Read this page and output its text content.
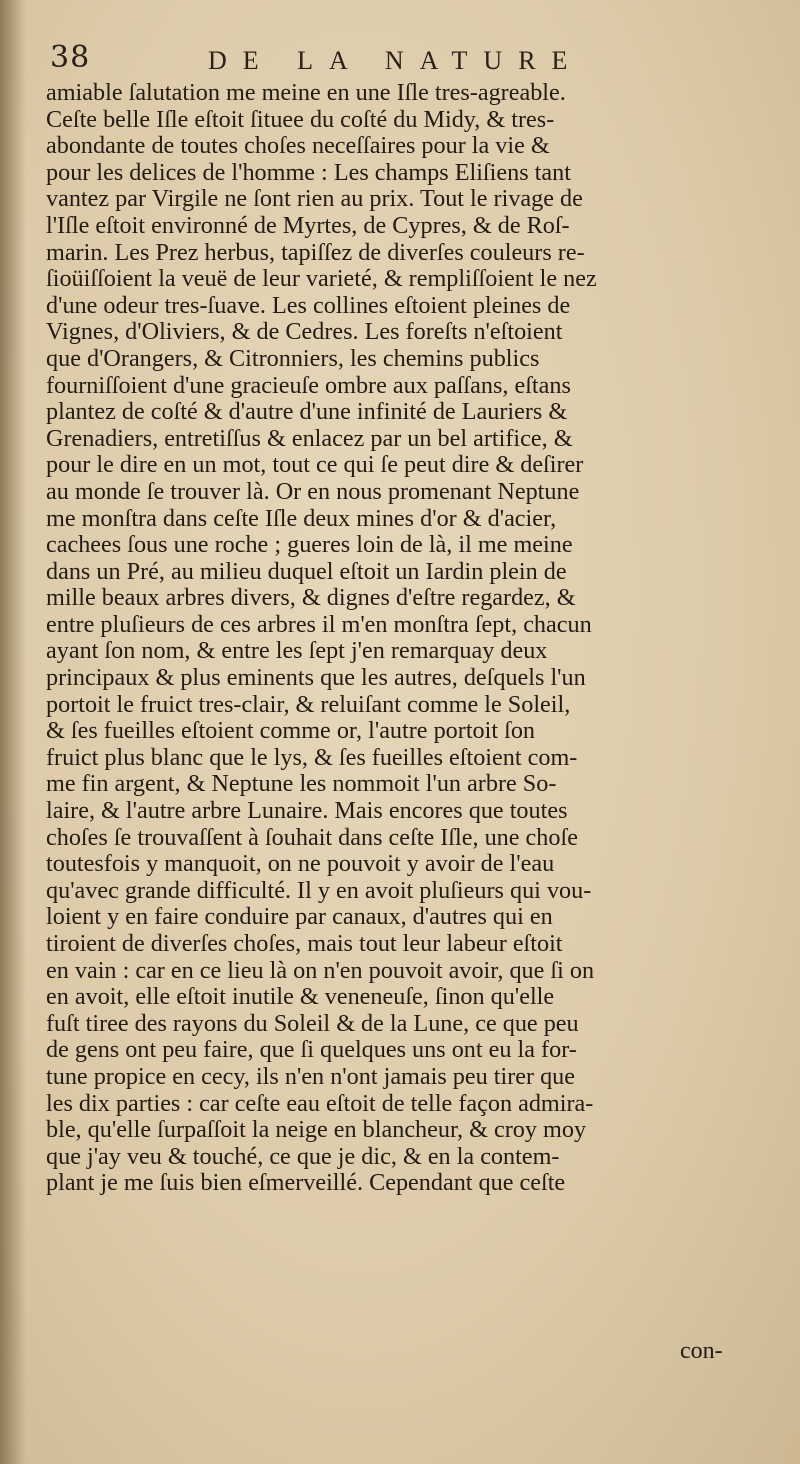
38	DE LA NATURE
amiable ſalutation me meine en une Iſle tres-agreable.
Ceſte belle Iſle eſtoit ſituee du coſté du Midy, & tres-
abondante de toutes choſes neceſſaires pour la vie &
pour les delices de l'homme : Les champs Eliſiens tant
vantez par Virgile ne ſont rien au prix. Tout le rivage de
l'Iſle eſtoit environné de Myrtes, de Cypres, & de Roſ-
marin. Les Prez herbus, tapiſſez de diverſes couleurs re-
ſioüiſſoient la veuë de leur varieté, & rempliſſoient le nez
d'une odeur tres-ſuave. Les collines eſtoient pleines de
Vignes, d'Oliviers, & de Cedres. Les foreſts n'eſtoient
que d'Orangers, & Citronniers, les chemins publics
fourniſſoient d'une gracieuſe ombre aux paſſans, eſtans
plantez de coſté & d'autre d'une infinité de Lauriers &
Grenadiers, entretiſſus & enlacez par un bel artifice, &
pour le dire en un mot, tout ce qui ſe peut dire & deſirer
au monde ſe trouver là. Or en nous promenant Neptune
me monſtra dans ceſte Iſle deux mines d'or & d'acier,
cachees ſous une roche ; gueres loin de là, il me meine
dans un Pré, au milieu duquel eſtoit un Iardin plein de
mille beaux arbres divers, & dignes d'eſtre regardez, &
entre pluſieurs de ces arbres il m'en monſtra ſept, chacun
ayant ſon nom, & entre les ſept j'en remarquay deux
principaux & plus eminents que les autres, deſquels l'un
portoit le fruict tres-clair, & reluiſant comme le Soleil,
& ſes fueilles eſtoient comme or, l'autre portoit ſon
fruict plus blanc que le lys, & ſes fueilles eſtoient com-
me fin argent, & Neptune les nommoit l'un arbre So-
laire, & l'autre arbre Lunaire. Mais encores que toutes
choſes ſe trouvaſſent à ſouhait dans ceſte Iſle, une choſe
toutesfois y manquoit, on ne pouvoit y avoir de l'eau
qu'avec grande difficulté. Il y en avoit pluſieurs qui vou-
loient y en faire conduire par canaux, d'autres qui en
tiroient de diverſes choſes, mais tout leur labeur eſtoit
en vain : car en ce lieu là on n'en pouvoit avoir, que ſi on
en avoit, elle eſtoit inutile & veneneuſe, ſinon qu'elle
fuſt tiree des rayons du Soleil & de la Lune, ce que peu
de gens ont peu faire, que ſi quelques uns ont eu la for-
tune propice en cecy, ils n'en n'ont jamais peu tirer que
les dix parties : car ceſte eau eſtoit de telle façon admira-
ble, qu'elle ſurpaſſoit la neige en blancheur, & croy moy
que j'ay veu & touché, ce que je dic, & en la contem-
plant je me ſuis bien eſmerveillé. Cependant que ceſte
con-
